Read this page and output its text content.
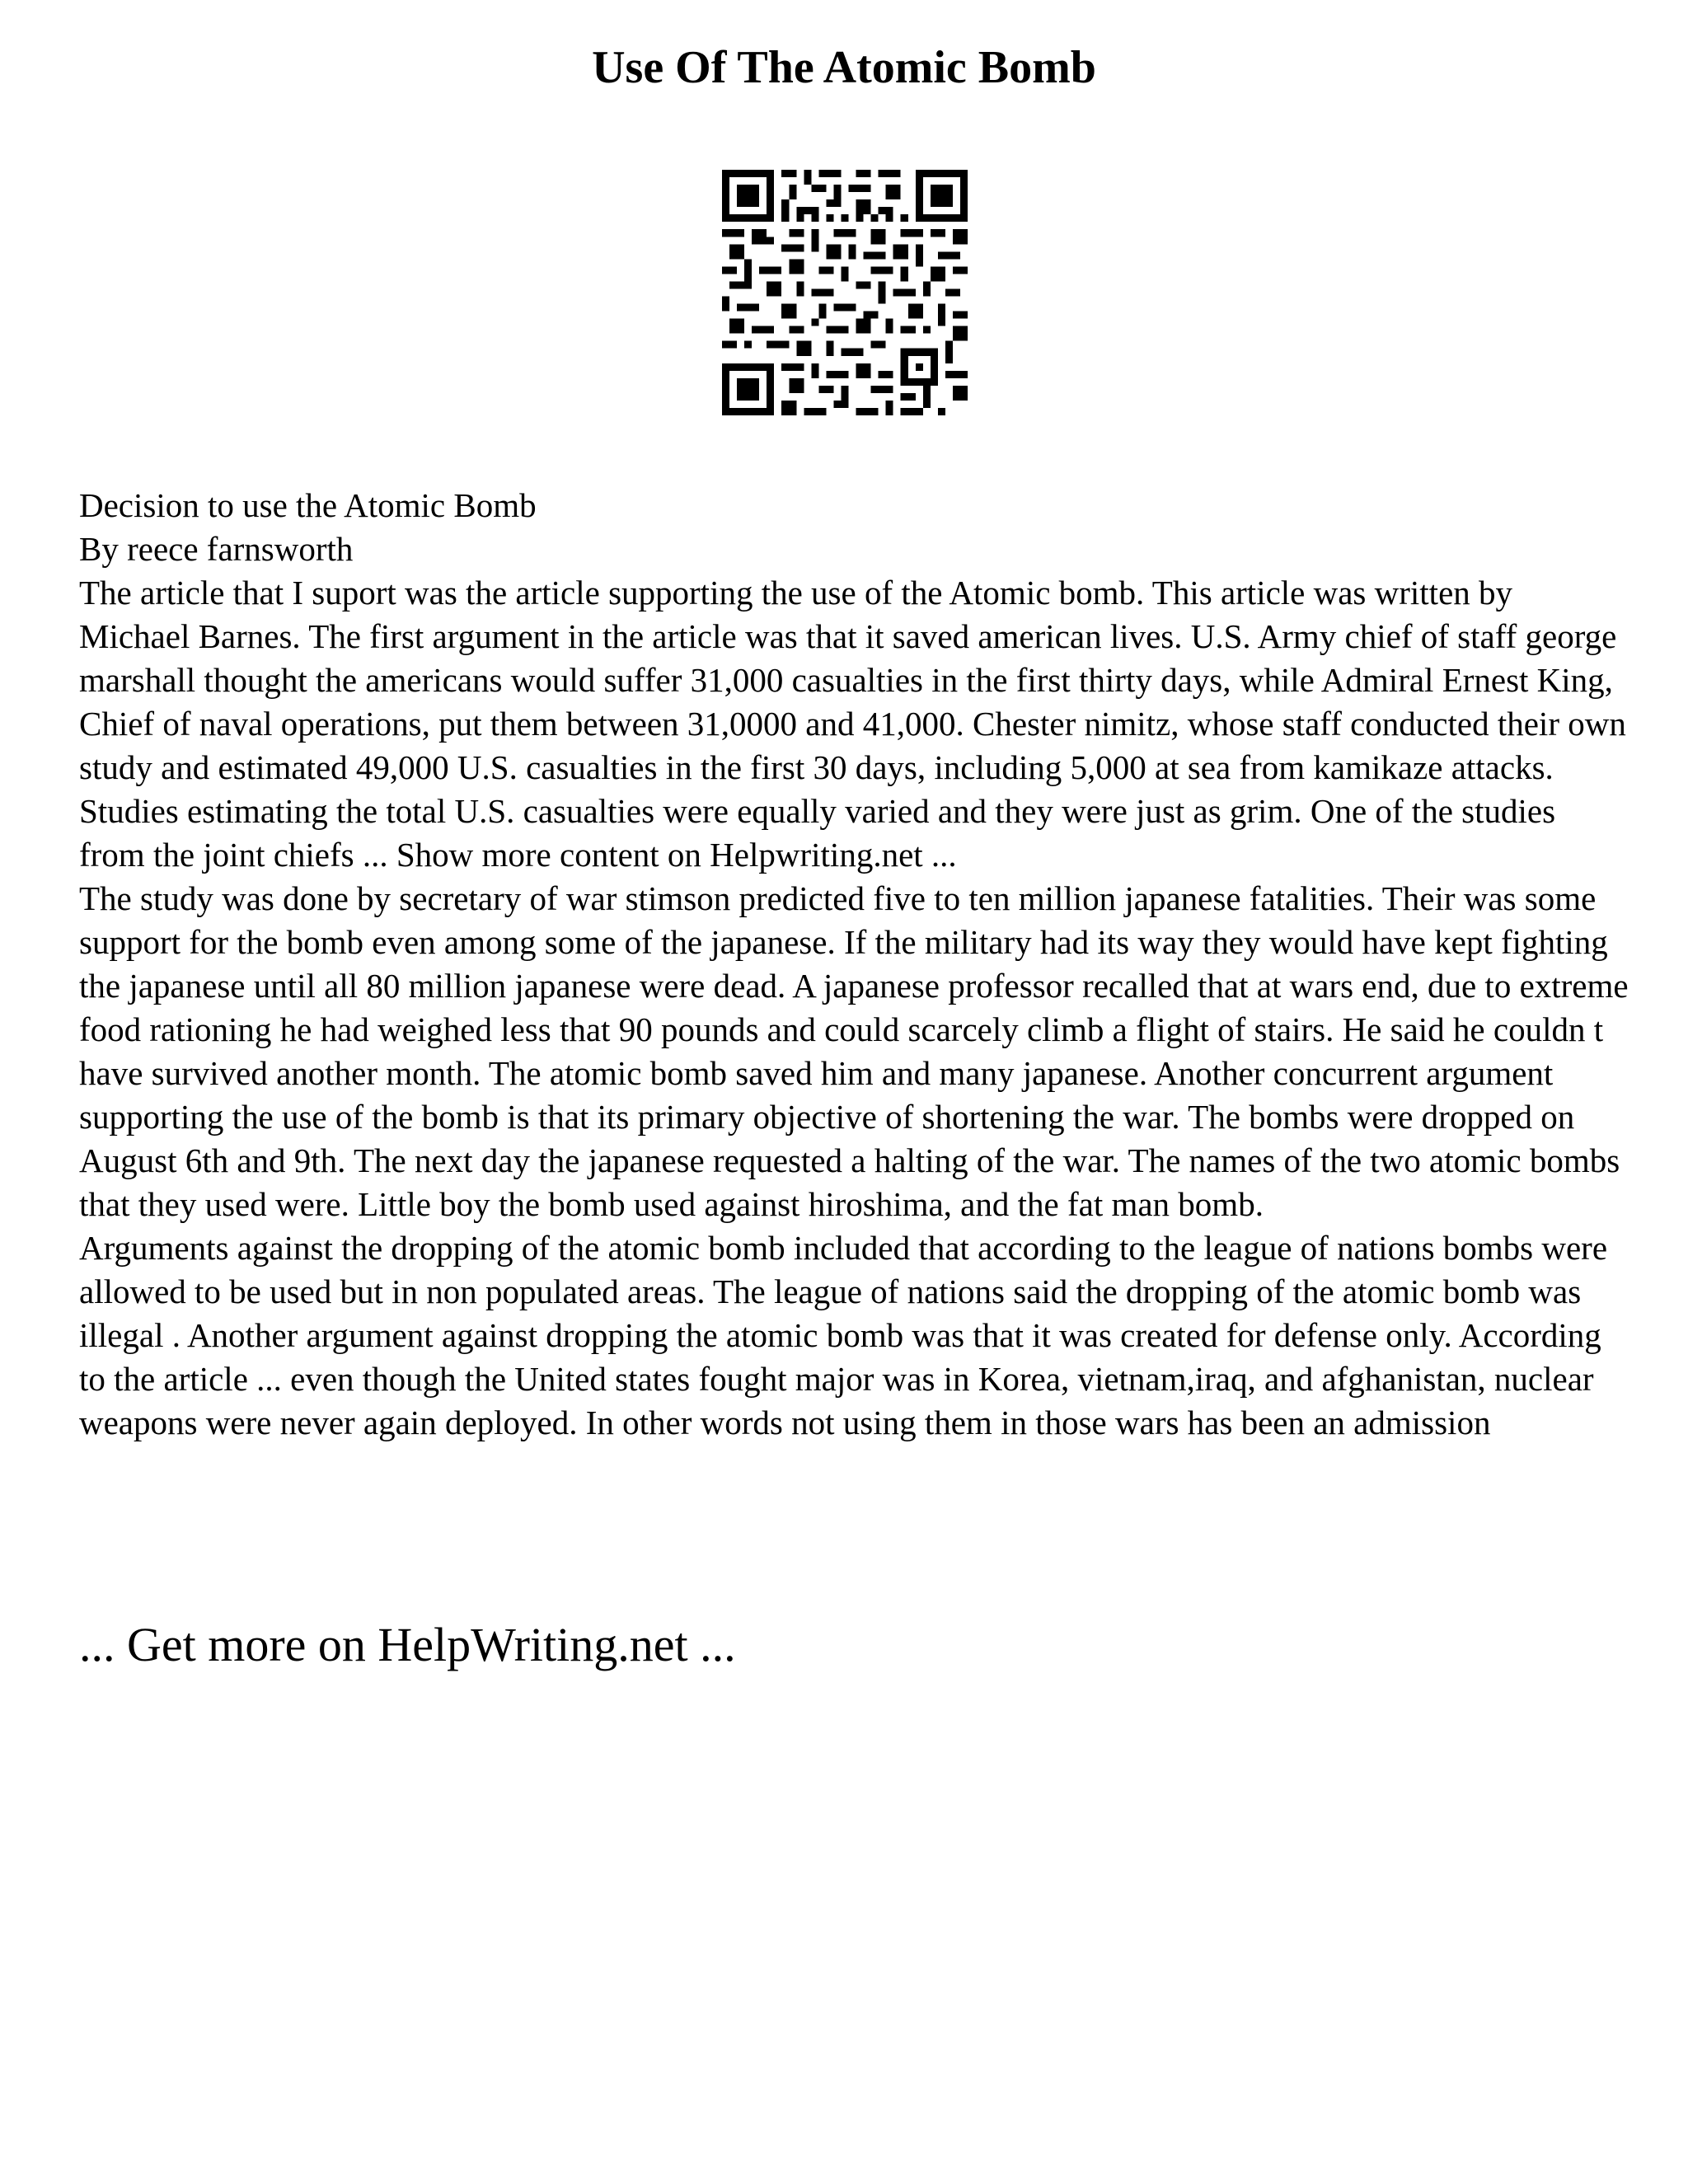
Use Of The Atomic Bomb

Decision to use the Atomic Bomb

By reece farnsworth

The article that I suport was the article supporting the use of the Atomic bomb. This article was written by Michael Barnes. The first argument in the article was that it saved american lives. U.S. Army chief of staff george marshall thought the americans would suffer 31,000 casualties in the first thirty days, while Admiral Ernest King, Chief of naval operations, put them between 31,0000 and 41,000. Chester nimitz, whose staff conducted their own study and estimated 49,000 U.S. casualties in the first 30 days, including 5,000 at sea from kamikaze attacks.

Studies estimating the total U.S. casualties were equally varied and they were just as grim. One of the studies from the joint chiefs ... Show more content on Helpwriting.net ...

The study was done by secretary of war stimson predicted five to ten million japanese fatalities. Their was some support for the bomb even among some of the japanese. If the military had its way they would have kept fighting the japanese until all 80 million japanese were dead. A japanese professor recalled that at wars end, due to extreme food rationing he had weighed less that 90 pounds and could scarcely climb a flight of stairs. He said he couldn t have survived another month. The atomic bomb saved him and many japanese. Another concurrent argument supporting the use of the bomb is that its primary objective of shortening the war. The bombs were dropped on August 6th and 9th. The next day the japanese requested a halting of the war. The names of the two atomic bombs that they used were. Little boy the bomb used against hiroshima, and the fat man bomb.

Arguments against the dropping of the atomic bomb included that according to the league of nations bombs were allowed to be used but in non populated areas. The league of nations said the dropping of the atomic bomb was illegal . Another argument against dropping the atomic bomb was that it was created for defense only. According to the article ... even though the United states fought major was in Korea, vietnam,iraq, and afghanistan, nuclear weapons were never again deployed. In other words not using them in those wars has been an admission

... Get more on HelpWriting.net ...
